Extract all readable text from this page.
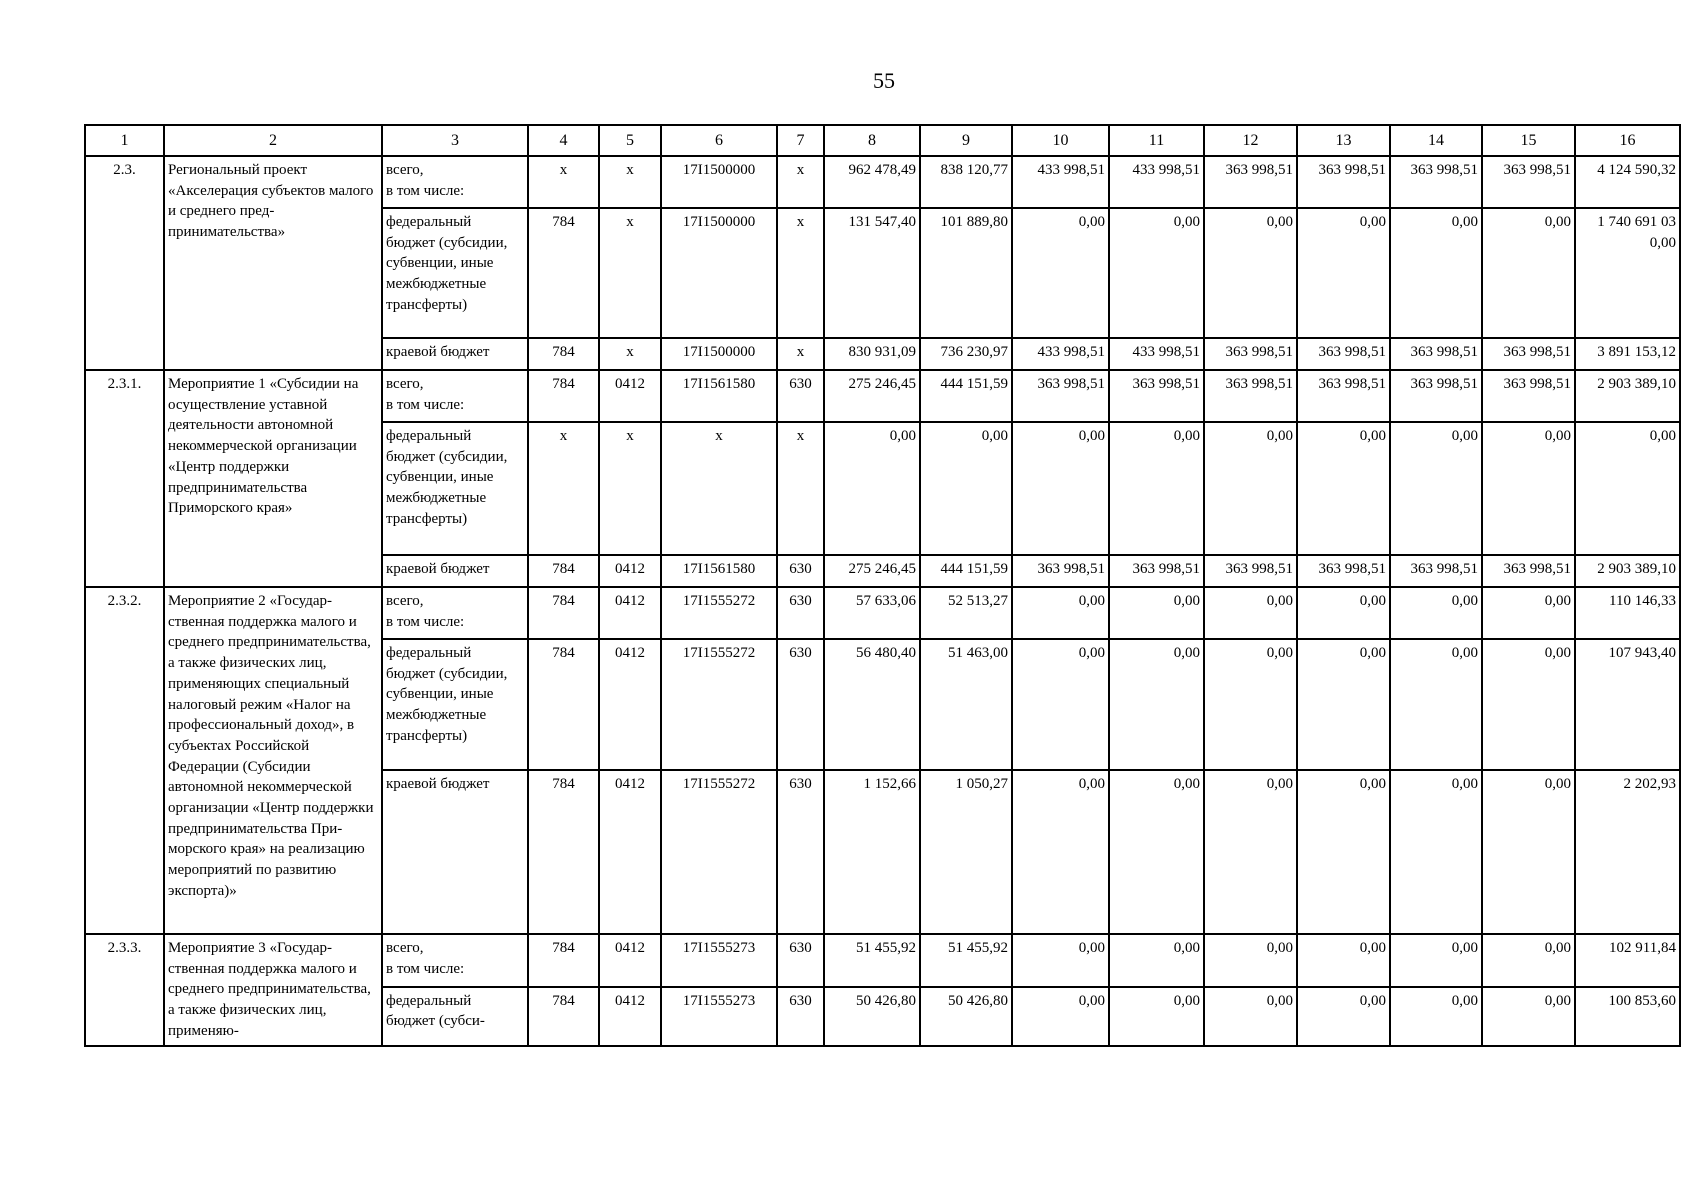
55
1	2	3	4	5	6	7	8	9	10	11	12	13	14	15	16
2.3.	Региональный проект «Акселерация субъектов малого и среднего предпринимательства»	всего,
в том числе:	x	x	17I1500000	x	962 478,49	838 120,77	433 998,51	433 998,51	363 998,51	363 998,51	363 998,51	363 998,51	4 124 590,32
		федеральный бюджет (субсидии, субвенции, иные межбюджетные трансферты)	784	x	17I1500000	x	131 547,40	101 889,80	0,00	0,00	0,00	0,00	0,00	0,00	1 740 691 03
0,00
		краевой бюджет	784	x	17I1500000	x	830 931,09	736 230,97	433 998,51	433 998,51	363 998,51	363 998,51	363 998,51	363 998,51	3 891 153,12
2.3.1.	Мероприятие 1 «Субсидии на осуществление уставной деятельности автономной некоммерческой организации «Центр поддержки предпринимательства Приморского края»	всего,
в том числе:	784	0412	17I1561580	630	275 246,45	444 151,59	363 998,51	363 998,51	363 998,51	363 998,51	363 998,51	363 998,51	2 903 389,10
		федеральный бюджет (субсидии, субвенции, иные межбюджетные трансферты)	x	x	x	x	0,00	0,00	0,00	0,00	0,00	0,00	0,00	0,00	0,00
		краевой бюджет	784	0412	17I1561580	630	275 246,45	444 151,59	363 998,51	363 998,51	363 998,51	363 998,51	363 998,51	363 998,51	2 903 389,10
2.3.2.	Мероприятие 2 «Государственная поддержка малого и среднего предпринимательства, а также физических лиц, применяющих специальный налоговый режим «Налог на профессиональный доход», в субъектах Российской Федерации (Субсидии автономной некоммерческой организации «Центр поддержки предпринимательства Приморского края» на реализацию мероприятий по развитию экспорта)»	всего,
в том числе:	784	0412	17I1555272	630	57 633,06	52 513,27	0,00	0,00	0,00	0,00	0,00	0,00	110 146,33
		федеральный бюджет (субсидии, субвенции, иные межбюджетные трансферты)	784	0412	17I1555272	630	56 480,40	51 463,00	0,00	0,00	0,00	0,00	0,00	0,00	107 943,40
		краевой бюджет	784	0412	17I1555272	630	1 152,66	1 050,27	0,00	0,00	0,00	0,00	0,00	0,00	2 202,93
2.3.3.	Мероприятие 3 «Государственная поддержка малого и среднего предпринимательства, а также физических лиц, применяю-	всего,
в том числе:	784	0412	17I1555273	630	51 455,92	51 455,92	0,00	0,00	0,00	0,00	0,00	0,00	102 911,84
		федеральный бюджет (субси-	784	0412	17I1555273	630	50 426,80	50 426,80	0,00	0,00	0,00	0,00	0,00	0,00	100 853,60
